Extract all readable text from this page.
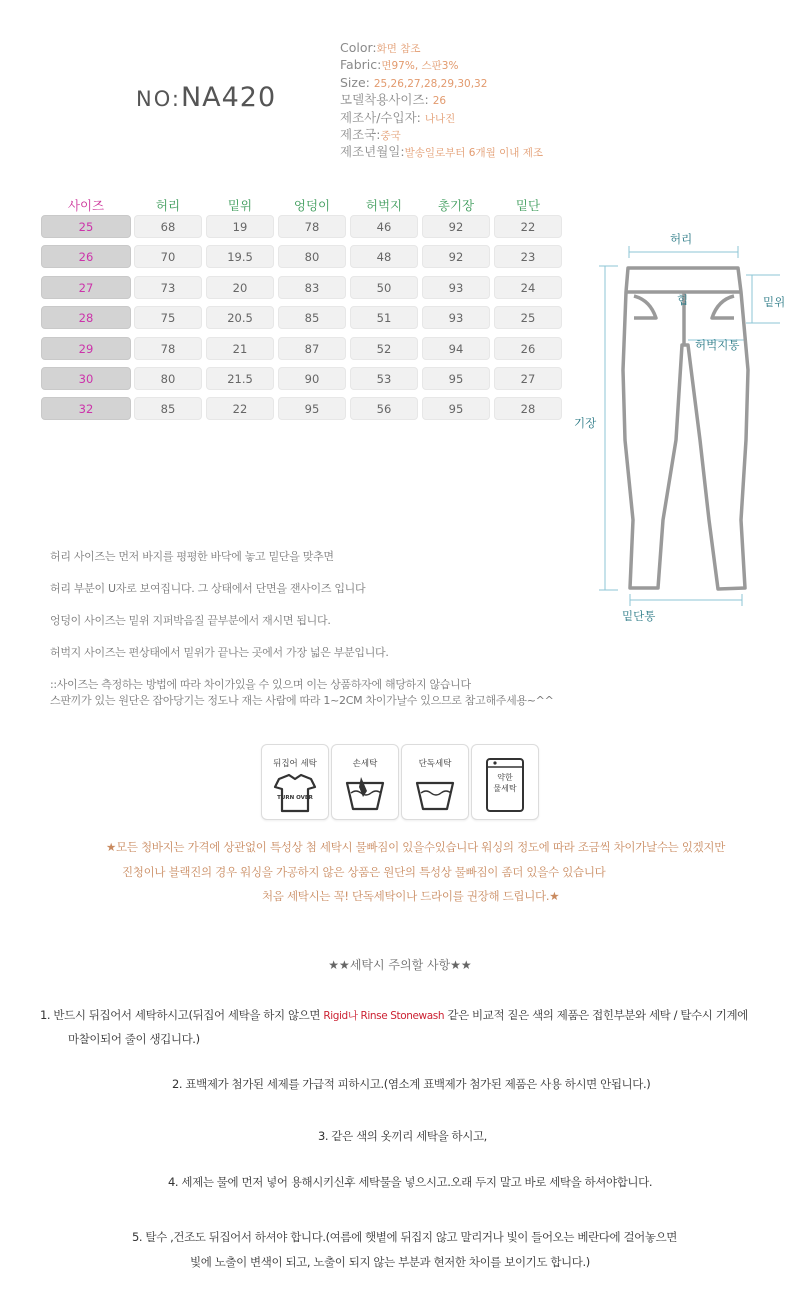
NO:NA420
Color:화면 참조
Fabric:면97%, 스판3%
Size: 25,26,27,28,29,30,32
모델착용사이즈: 26
제조사/수입자: 나나진
제조국:중국
제조년월일:발송일로부터 6개월 이내 제조
사이즈	허리	밑위	엉덩이	허벅지	총기장	밑단
25	68	19	78	46	92	22
26	70	19.5	80	48	92	23
27	73	20	83	50	93	24
28	75	20.5	85	51	93	25
29	78	21	87	52	94	26
30	80	21.5	90	53	95	27
32	85	22	95	56	95	28
허리
밑위
힙
허벅지통
기장
밑단통
허리 사이즈는 먼저 바지를 평평한 바닥에 놓고 밑단을 맞추면
허리 부분이 U자로 보여집니다. 그 상태에서 단면을 잰사이즈 입니다
엉덩이 사이즈는 밑위 지퍼박음질 끝부분에서 재시면 됩니다.
허벅지 사이즈는 편상태에서 밑위가 끝나는 곳에서 가장 넓은 부분입니다.
::사이즈는 측정하는 방법에 따라 차이가있을 수 있으며 이는 상품하자에 해당하지 않습니다
스판끼가 있는 원단은 잡아당기는 정도나 재는 사람에 따라 1~2CM 차이가날수 있으므로 참고해주세용~^^
뒤집어 세탁
TURN OVER
손세탁	단독세탁
약한
물세탁
★모든 청바지는 가격에 상관없이 특성상 첨 세탁시 물빠짐이 있을수있습니다 워싱의 정도에 따라 조금씩 차이가날수는 있겠지만
진청이나 블랙진의 경우 워싱을 가공하지 않은 상품은 원단의 특성상 물빠짐이 좀더 있을수 있습니다
처음 세탁시는 꼭! 단독세탁이나 드라이를 권장해 드립니다.★
★★세탁시 주의할 사항★★
1. 반드시 뒤집어서 세탁하시고(뒤집어 세탁을 하지 않으면 Rigid나 Rinse Stonewash 같은 비교적 짙은 색의 제품은 접힌부분와 세탁 / 탈수시 기계에
마찰이되어 줄이 생깁니다.)
2. 표백제가 첨가된 세제를 가급적 피하시고.(염소계 표백제가 첨가된 제품은 사용 하시면 안됩니다.)
3. 같은 색의 옷끼리 세탁을 하시고,
4. 세제는 물에 먼저 넣어 용해시키신후 세탁물을 넣으시고.오래 두지 말고 바로 세탁을 하셔야합니다.
5. 탈수 ,건조도 뒤집어서 하셔야 합니다.(여름에 햇볕에 뒤집지 않고 말리거나 빛이 들어오는 베란다에 걸어놓으면
빛에 노출이 변색이 되고, 노출이 되지 않는 부분과 현저한 차이를 보이기도 합니다.)
